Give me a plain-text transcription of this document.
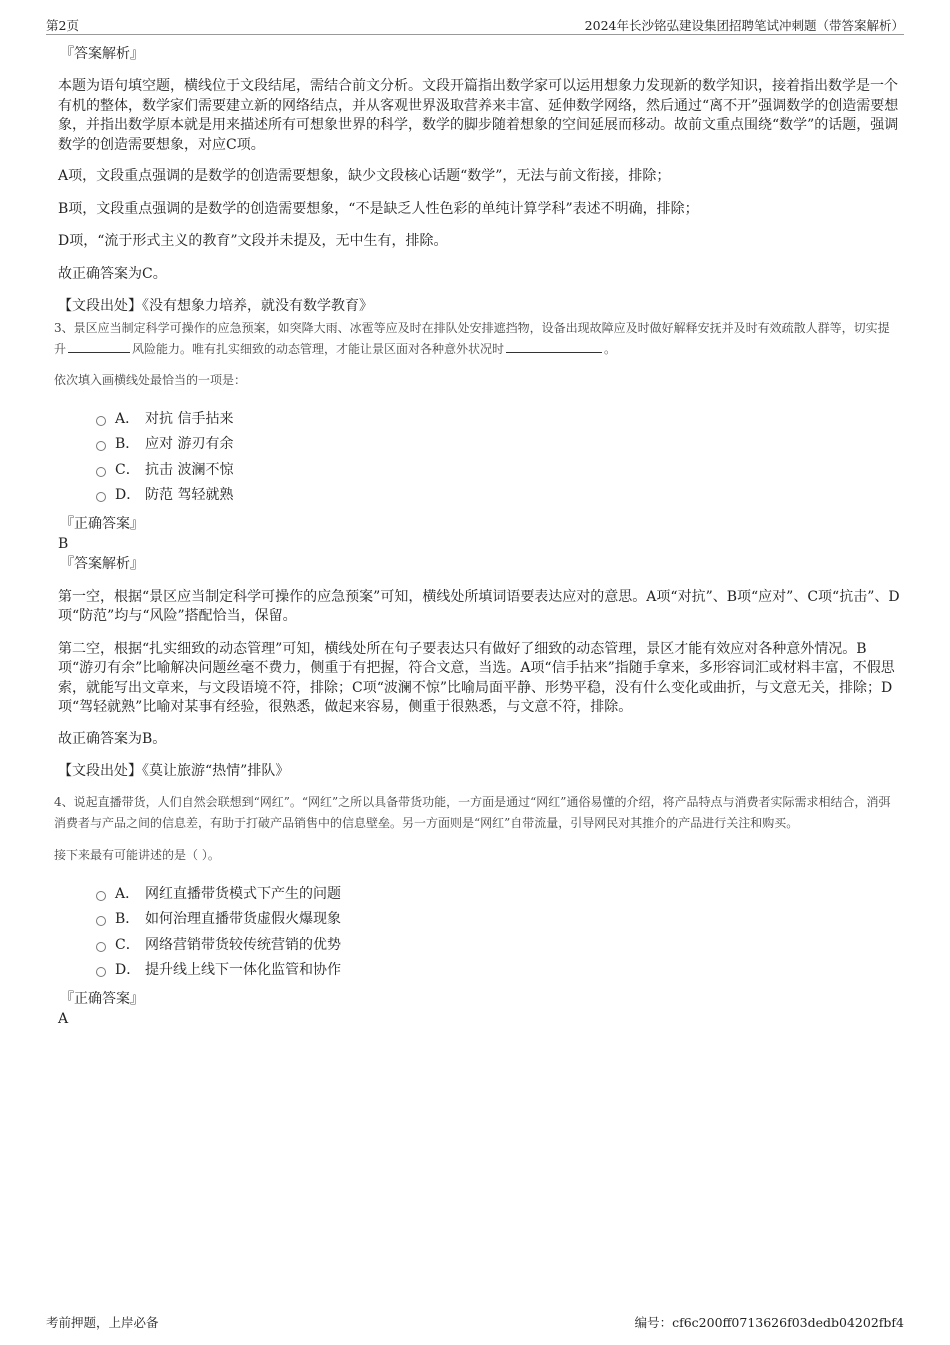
第2页	2024年长沙铭弘建设集团招聘笔试冲刺题（带答案解析）
『答案解析』
本题为语句填空题，横线位于文段结尾，需结合前文分析。文段开篇指出数学家可以运用想象力发现新的数学知识，接着指出数学是一个有机的整体，数学家们需要建立新的网络结点，并从客观世界汲取营养来丰富、延伸数学网络，然后通过“离不开”强调数学的创造需要想象，并指出数学原本就是用来描述所有可想象世界的科学，数学的脚步随着想象的空间延展而移动。故前文重点围绕“数学”的话题，强调数学的创造需要想象，对应C项。
A项，文段重点强调的是数学的创造需要想象，缺少文段核心话题“数学”，无法与前文衔接，排除；
B项，文段重点强调的是数学的创造需要想象，“不是缺乏人性色彩的单纯计算学科”表述不明确，排除；
D项，“流于形式主义的教育”文段并未提及，无中生有，排除。
故正确答案为C。
【文段出处】《没有想象力培养，就没有数学教育》
3、景区应当制定科学可操作的应急预案，如突降大雨、冰雹等应及时在排队处安排遮挡物，设备出现故障应及时做好解释安抚并及时有效疏散人群等，切实提升	风险能力。唯有扎实细致的动态管理，才能让景区面对各种意外状况时	。
依次填入画横线处最恰当的一项是：
A． 对抗 信手拈来
B． 应对 游刃有余
C． 抗击 波澜不惊
D． 防范 驾轻就熟
『正确答案』
B
『答案解析』
第一空，根据“景区应当制定科学可操作的应急预案”可知，横线处所填词语要表达应对的意思。A项“对抗”、B项“应对”、C项“抗击”、D项“防范”均与“风险”搭配恰当，保留。
第二空，根据“扎实细致的动态管理”可知，横线处所在句子要表达只有做好了细致的动态管理，景区才能有效应对各种意外情况。B项“游刃有余”比喻解决问题丝毫不费力，侧重于有把握，符合文意，当选。A项“信手拈来”指随手拿来，多形容词汇或材料丰富，不假思索，就能写出文章来，与文段语境不符，排除；C项“波澜不惊”比喻局面平静、形势平稳，没有什么变化或曲折，与文意无关，排除；D项“驾轻就熟”比喻对某事有经验，很熟悉，做起来容易，侧重于很熟悉，与文意不符，排除。
故正确答案为B。
【文段出处】《莫让旅游“热情”排队》
4、说起直播带货，人们自然会联想到“网红”。“网红”之所以具备带货功能，一方面是通过“网红”通俗易懂的介绍，将产品特点与消费者实际需求相结合，消弭消费者与产品之间的信息差，有助于打破产品销售中的信息壁垒。另一方面则是“网红”自带流量，引导网民对其推介的产品进行关注和购买。
接下来最有可能讲述的是（ ）。
A． 网红直播带货模式下产生的问题
B． 如何治理直播带货虚假火爆现象
C． 网络营销带货较传统营销的优势
D． 提升线上线下一体化监管和协作
『正确答案』
A
考前押题，上岸必备	编号：cf6c200ff0713626f03dedb04202fbf4
